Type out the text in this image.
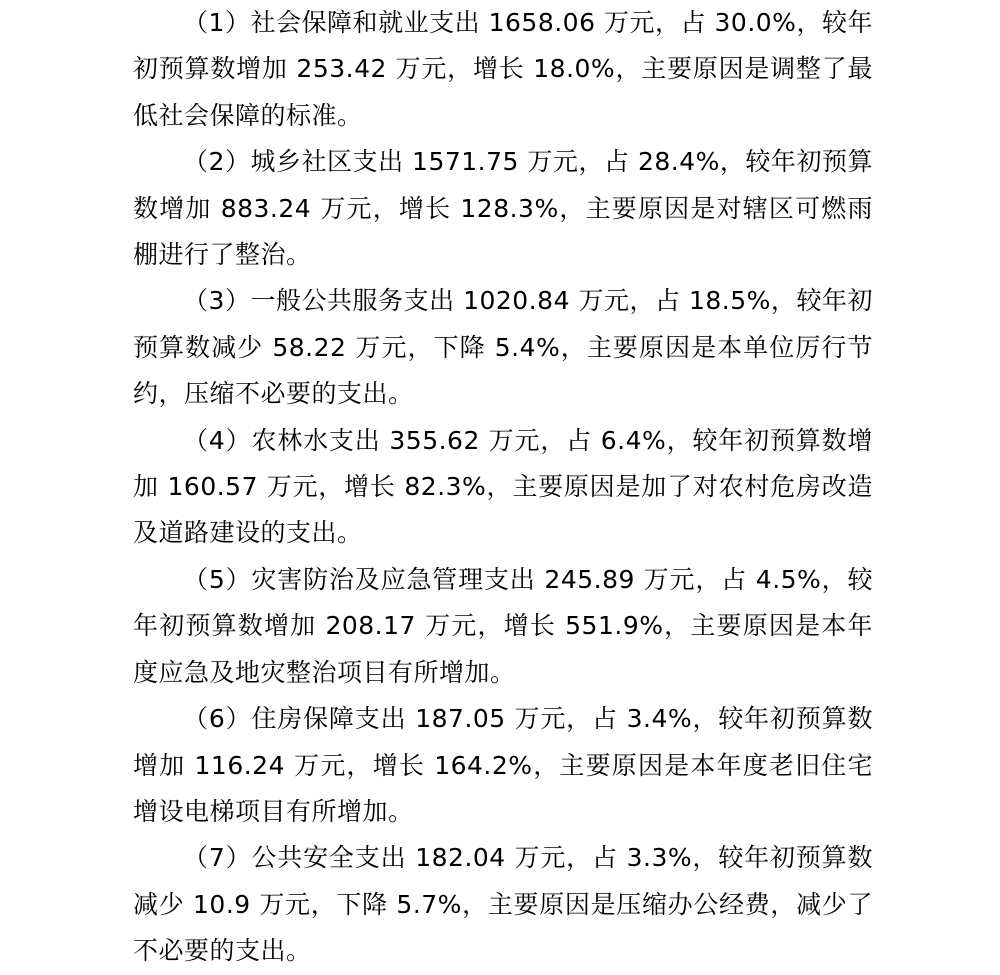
（1）社会保障和就业支出 1658.06 万元，占 30.0%，较年初预算数增加 253.42 万元，增长 18.0%，主要原因是调整了最低社会保障的标准。

（2）城乡社区支出 1571.75 万元，占 28.4%，较年初预算数增加 883.24 万元，增长 128.3%，主要原因是对辖区可燃雨棚进行了整治。

（3）一般公共服务支出 1020.84 万元，占 18.5%，较年初预算数减少 58.22 万元，下降 5.4%，主要原因是本单位厉行节约，压缩不必要的支出。

（4）农林水支出 355.62 万元，占 6.4%，较年初预算数增加 160.57 万元，增长 82.3%，主要原因是加了对农村危房改造及道路建设的支出。

（5）灾害防治及应急管理支出 245.89 万元，占 4.5%，较年初预算数增加 208.17 万元，增长 551.9%，主要原因是本年度应急及地灾整治项目有所增加。

（6）住房保障支出 187.05 万元，占 3.4%，较年初预算数增加 116.24 万元，增长 164.2%，主要原因是本年度老旧住宅增设电梯项目有所增加。

（7）公共安全支出 182.04 万元，占 3.3%，较年初预算数减少 10.9 万元，下降 5.7%，主要原因是压缩办公经费，减少了不必要的支出。
